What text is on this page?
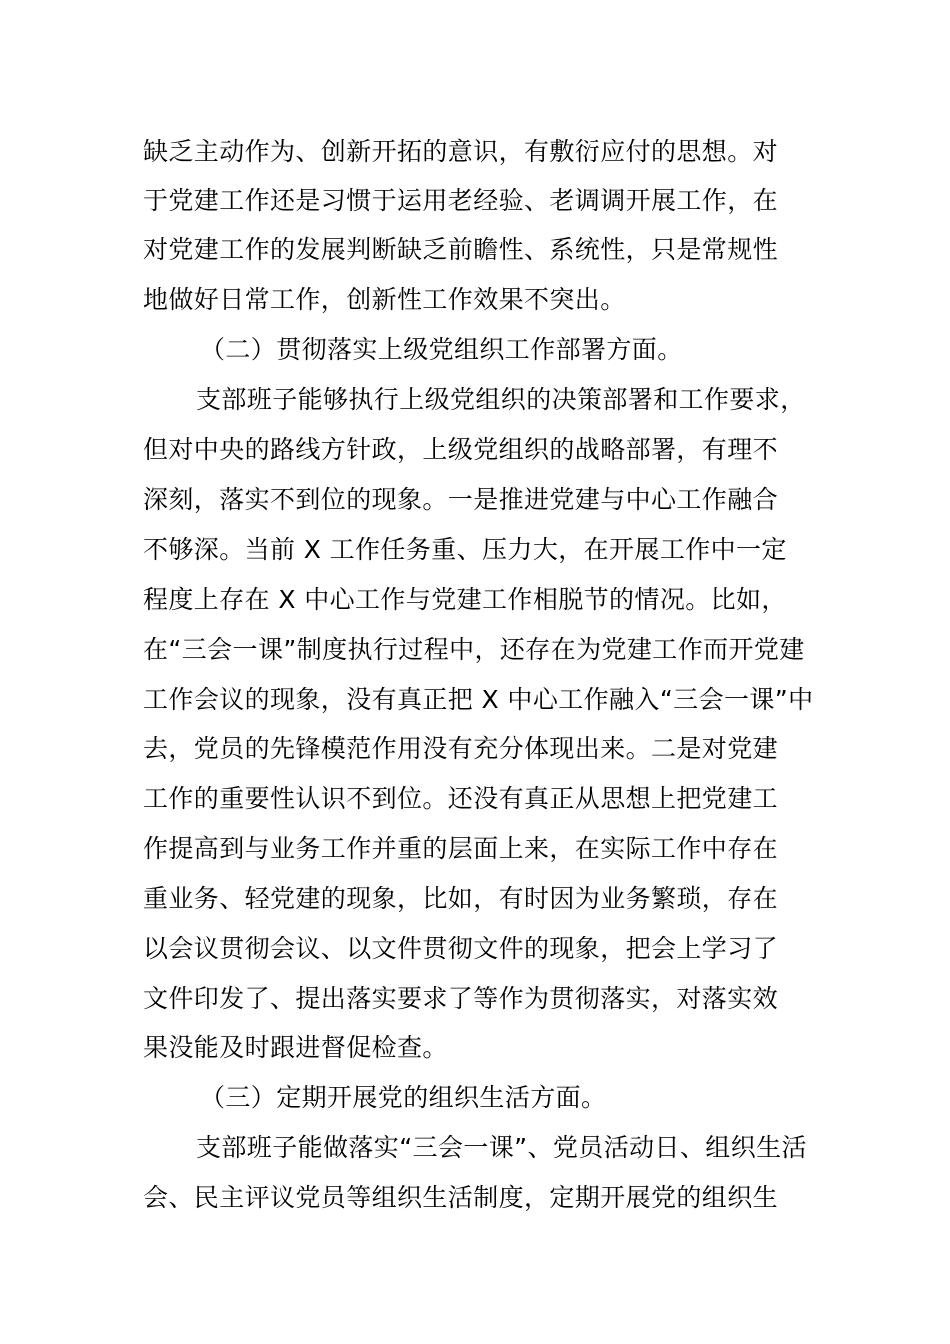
缺乏主动作为、创新开拓的意识，有敷衍应付的思想。对
于党建工作还是习惯于运用老经验、老调调开展工作，在
对党建工作的发展判断缺乏前瞻性、系统性，只是常规性
地做好日常工作，创新性工作效果不突出。
（二）贯彻落实上级党组织工作部署方面。
支部班子能够执行上级党组织的决策部署和工作要求，
但对中央的路线方针政，上级党组织的战略部署，有理不
深刻，落实不到位的现象。一是推进党建与中心工作融合
不够深。当前 X 工作任务重、压力大，在开展工作中一定
程度上存在 X 中心工作与党建工作相脱节的情况。比如，
在“三会一课”制度执行过程中，还存在为党建工作而开党建
工作会议的现象，没有真正把 X 中心工作融入“三会一课”中
去，党员的先锋模范作用没有充分体现出来。二是对党建
工作的重要性认识不到位。还没有真正从思想上把党建工
作提高到与业务工作并重的层面上来，在实际工作中存在
重业务、轻党建的现象，比如，有时因为业务繁琐，存在
以会议贯彻会议、以文件贯彻文件的现象，把会上学习了
文件印发了、提出落实要求了等作为贯彻落实，对落实效
果没能及时跟进督促检查。
（三）定期开展党的组织生活方面。
支部班子能做落实“三会一课”、党员活动日、组织生活
会、民主评议党员等组织生活制度，定期开展党的组织生
